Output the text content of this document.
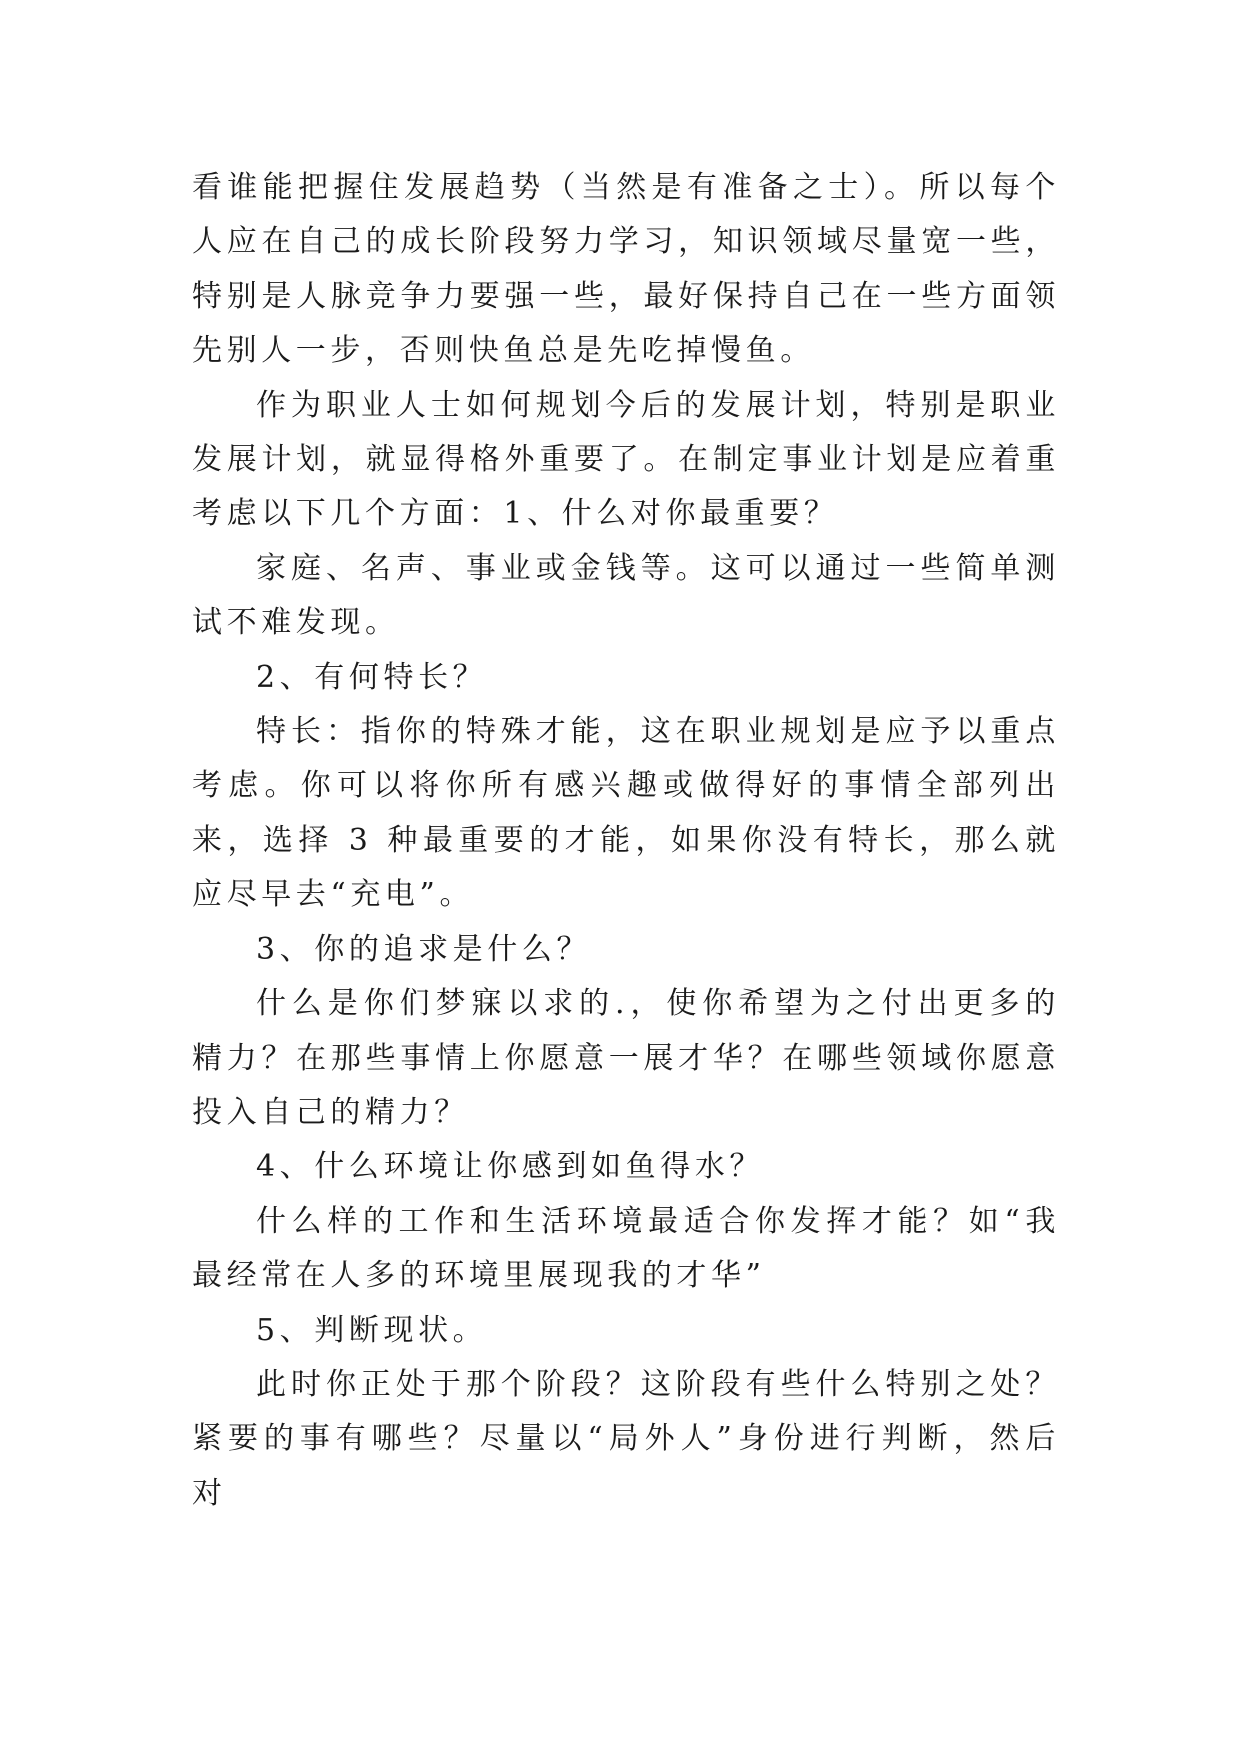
看谁能把握住发展趋势（当然是有准备之士）。所以每个人应在自己的成长阶段努力学习，知识领域尽量宽一些，特别是人脉竞争力要强一些，最好保持自己在一些方面领先别人一步，否则快鱼总是先吃掉慢鱼。

作为职业人士如何规划今后的发展计划，特别是职业发展计划，就显得格外重要了。在制定事业计划是应着重考虑以下几个方面：1、什么对你最重要？

家庭、名声、事业或金钱等。这可以通过一些简单测试不难发现。

2、有何特长？

特长：指你的特殊才能，这在职业规划是应予以重点考虑。你可以将你所有感兴趣或做得好的事情全部列出来，选择 3 种最重要的才能，如果你没有特长，那么就应尽早去“充电”。

3、你的追求是什么？

什么是你们梦寐以求的.，使你希望为之付出更多的精力？在那些事情上你愿意一展才华？在哪些领域你愿意投入自己的精力？

4、什么环境让你感到如鱼得水？

什么样的工作和生活环境最适合你发挥才能？如“我最经常在人多的环境里展现我的才华”

5、判断现状。

此时你正处于那个阶段？这阶段有些什么特别之处？紧要的事有哪些？尽量以“局外人”身份进行判断，然后对
